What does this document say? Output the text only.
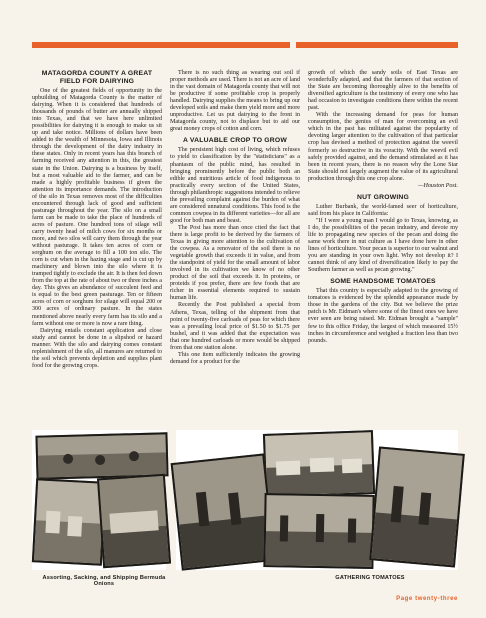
MATAGORDA COUNTY A GREAT FIELD FOR DAIRYING

One of the greatest fields of opportunity in the upbuilding of Matagorda County is the matter of dairying. When it is considered that hundreds of thousands of pounds of butter are annually shipped into Texas, and that we have here unlimited possibilities for dairying it is enough to make us sit up and take notice. Millions of dollars have been added to the wealth of Minnesota, Iowa and Illinois through the development of the dairy industry in these states. Only in recent years has this branch of farming received any attention in this, the greatest state in the Union. Dairying is a business by itself, but a most valuable aid to the farmer, and can be made a highly profitable business if given the attention its importance demands. The introduction of the silo in Texas removes most of the difficulties encountered through lack of good and sufficient pasturage throughout the year. The silo on a small farm can be made to take the place of hundreds of acres of pasture. One hundred tons of silage will carry twenty head of milch cows for six months or more, and two silos will carry them through the year without pasturage. It takes ten acres of corn or sorghum on the average to fill a 100 ton silo. The corn is cut when in the hazing stage and is cut up by machinery and blown into the silo where it is tramped tightly to exclude the air. It is then fed down from the top at the rate of about two or three inches a day. This gives an abundance of succulent feed and is equal to the best green pasturage. Ten or fifteen acres of corn or sorghum for silage will equal 200 or 300 acres of ordinary pasture. In the states mentioned above nearly every farm has its silo and a farm without one or more is now a rare thing.

Dairying entails constant application and close study and cannot be done in a slipshod or hazard manner. With the silo and dairying comes constant replenishment of the silo, all manures are returned to the soil which prevents depletion and supplies plant food for the growing crops.

There is no such thing as wearing out soil if proper methods are used. There is not an acre of land in the vast domain of Matagorda county that will not be productive if some profitable crop is properly handled. Dairying supplies the means to bring up our developed soils and make them yield more and more unproductive. Let us put dairying to the front in Matagorda county, not to displace but to aid our great money crops of cotton and corn.

A VALUABLE CROP TO GROW

The persistent high cost of living, which refuses to yield to classification by the "statisticians" as a phantasm of the public mind, has resulted in bringing prominently before the public both an edible and nutritious article of food indigenous to practically every section of the United States, through philanthropic suggestions intended to relieve the prevailing complaint against the burden of what are considered unnatural conditions. This food is the common cowpea in its different varieties—for all are good for both man and beast.

The Post has more than once cited the fact that there is large profit to be derived by the farmers of Texas in giving more attention to the cultivation of the cowpea. As a renovator of the soil there is no vegetable growth that exceeds it in value, and from the standpoint of yield for the small amount of labor involved in its cultivation we know of no other product of the soil that exceeds it. In proteins, or proteids if you prefer, there are few foods that are richer in essential elements required to sustain human life.

Recently the Post published a special from Athens, Texas, telling of the shipment from that point of twenty-five carloads of peas for which there was a prevailing local price of $1.50 to $1.75 per bushel, and it was added that the expectation was that one hundred carloads or more would be shipped from that one station alone.

This one item sufficiently indicates the growing demand for a product for the

growth of which the sandy soils of East Texas are wonderfully adapted, and that the farmers of that section of the State are becoming thoroughly alive to the benefits of diversified agriculture is the testimony of every one who has had occasion to investigate conditions there within the recent past.

With the increasing demand for peas for human consumption, the genius of man for overcoming an evil which in the past has militated against the popularity of devoting larger attention to the cultivation of that particular crop has devised a method of protection against the weevil formerly so destructive in its voracity. With the weevil evil safely provided against, and the demand stimulated as it has been in recent years, there is no reason why the Lone Star State should not largely augment the value of its agricultural production through this one crop alone.

—Houston Post.

NUT GROWING

Luther Burbank, the world-famed seer of horticulture, said from his place in California:

"If I were a young man I would go to Texas, knowing, as I do, the possibilities of the pecan industry, and devote my life to propagating new species of the pecan and doing the same work there in nut culture as I have done here in other lines of horticulture. Your pecan is superior to our walnut and you are standing in your own light. Why not develop it? I cannot think of any kind of diversification likely to pay the Southern farmer as well as pecan growing."

SOME HANDSOME TOMATOES

That this country is especially adapted to the growing of tomatoes is evidenced by the splendid appearance made by those in the gardens of the city. But we believe the prize patch is Mr. Eidman's where some of the finest ones we have ever seen are being raised. Mr. Eidman brought a "sample" few to this office Friday, the largest of which measured 15½ inches in circumference and weighed a fraction less than two pounds.

Assorting, Sacking, and Shipping Bermuda Onions
GATHERING TOMATOES
Page twenty-three
